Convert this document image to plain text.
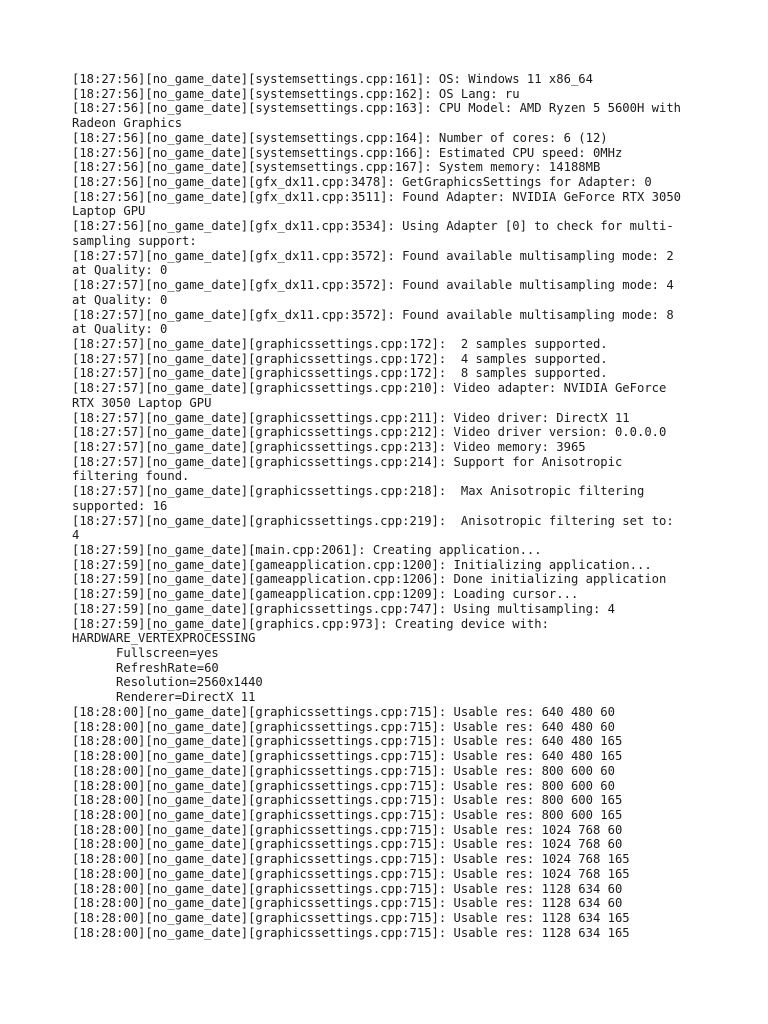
[18:27:56][no_game_date][systemsettings.cpp:161]: OS: Windows 11 x86_64
[18:27:56][no_game_date][systemsettings.cpp:162]: OS Lang: ru
[18:27:56][no_game_date][systemsettings.cpp:163]: CPU Model: AMD Ryzen 5 5600H with
Radeon Graphics
[18:27:56][no_game_date][systemsettings.cpp:164]: Number of cores: 6 (12)
[18:27:56][no_game_date][systemsettings.cpp:166]: Estimated CPU speed: 0MHz
[18:27:56][no_game_date][systemsettings.cpp:167]: System memory: 14188MB
[18:27:56][no_game_date][gfx_dx11.cpp:3478]: GetGraphicsSettings for Adapter: 0
[18:27:56][no_game_date][gfx_dx11.cpp:3511]: Found Adapter: NVIDIA GeForce RTX 3050
Laptop GPU
[18:27:56][no_game_date][gfx_dx11.cpp:3534]: Using Adapter [0] to check for multi-
sampling support:
[18:27:57][no_game_date][gfx_dx11.cpp:3572]: Found available multisampling mode: 2
at Quality: 0
[18:27:57][no_game_date][gfx_dx11.cpp:3572]: Found available multisampling mode: 4
at Quality: 0
[18:27:57][no_game_date][gfx_dx11.cpp:3572]: Found available multisampling mode: 8
at Quality: 0
[18:27:57][no_game_date][graphicssettings.cpp:172]:  2 samples supported.
[18:27:57][no_game_date][graphicssettings.cpp:172]:  4 samples supported.
[18:27:57][no_game_date][graphicssettings.cpp:172]:  8 samples supported.
[18:27:57][no_game_date][graphicssettings.cpp:210]: Video adapter: NVIDIA GeForce
RTX 3050 Laptop GPU
[18:27:57][no_game_date][graphicssettings.cpp:211]: Video driver: DirectX 11
[18:27:57][no_game_date][graphicssettings.cpp:212]: Video driver version: 0.0.0.0
[18:27:57][no_game_date][graphicssettings.cpp:213]: Video memory: 3965
[18:27:57][no_game_date][graphicssettings.cpp:214]: Support for Anisotropic
filtering found.
[18:27:57][no_game_date][graphicssettings.cpp:218]:  Max Anisotropic filtering
supported: 16
[18:27:57][no_game_date][graphicssettings.cpp:219]:  Anisotropic filtering set to:
4
[18:27:59][no_game_date][main.cpp:2061]: Creating application...
[18:27:59][no_game_date][gameapplication.cpp:1200]: Initializing application...
[18:27:59][no_game_date][gameapplication.cpp:1206]: Done initializing application
[18:27:59][no_game_date][gameapplication.cpp:1209]: Loading cursor...
[18:27:59][no_game_date][graphicssettings.cpp:747]: Using multisampling: 4
[18:27:59][no_game_date][graphics.cpp:973]: Creating device with:
HARDWARE_VERTEXPROCESSING
Fullscreen=yes
RefreshRate=60
Resolution=2560x1440
Renderer=DirectX 11
[18:28:00][no_game_date][graphicssettings.cpp:715]: Usable res: 640 480 60
[18:28:00][no_game_date][graphicssettings.cpp:715]: Usable res: 640 480 60
[18:28:00][no_game_date][graphicssettings.cpp:715]: Usable res: 640 480 165
[18:28:00][no_game_date][graphicssettings.cpp:715]: Usable res: 640 480 165
[18:28:00][no_game_date][graphicssettings.cpp:715]: Usable res: 800 600 60
[18:28:00][no_game_date][graphicssettings.cpp:715]: Usable res: 800 600 60
[18:28:00][no_game_date][graphicssettings.cpp:715]: Usable res: 800 600 165
[18:28:00][no_game_date][graphicssettings.cpp:715]: Usable res: 800 600 165
[18:28:00][no_game_date][graphicssettings.cpp:715]: Usable res: 1024 768 60
[18:28:00][no_game_date][graphicssettings.cpp:715]: Usable res: 1024 768 60
[18:28:00][no_game_date][graphicssettings.cpp:715]: Usable res: 1024 768 165
[18:28:00][no_game_date][graphicssettings.cpp:715]: Usable res: 1024 768 165
[18:28:00][no_game_date][graphicssettings.cpp:715]: Usable res: 1128 634 60
[18:28:00][no_game_date][graphicssettings.cpp:715]: Usable res: 1128 634 60
[18:28:00][no_game_date][graphicssettings.cpp:715]: Usable res: 1128 634 165
[18:28:00][no_game_date][graphicssettings.cpp:715]: Usable res: 1128 634 165
